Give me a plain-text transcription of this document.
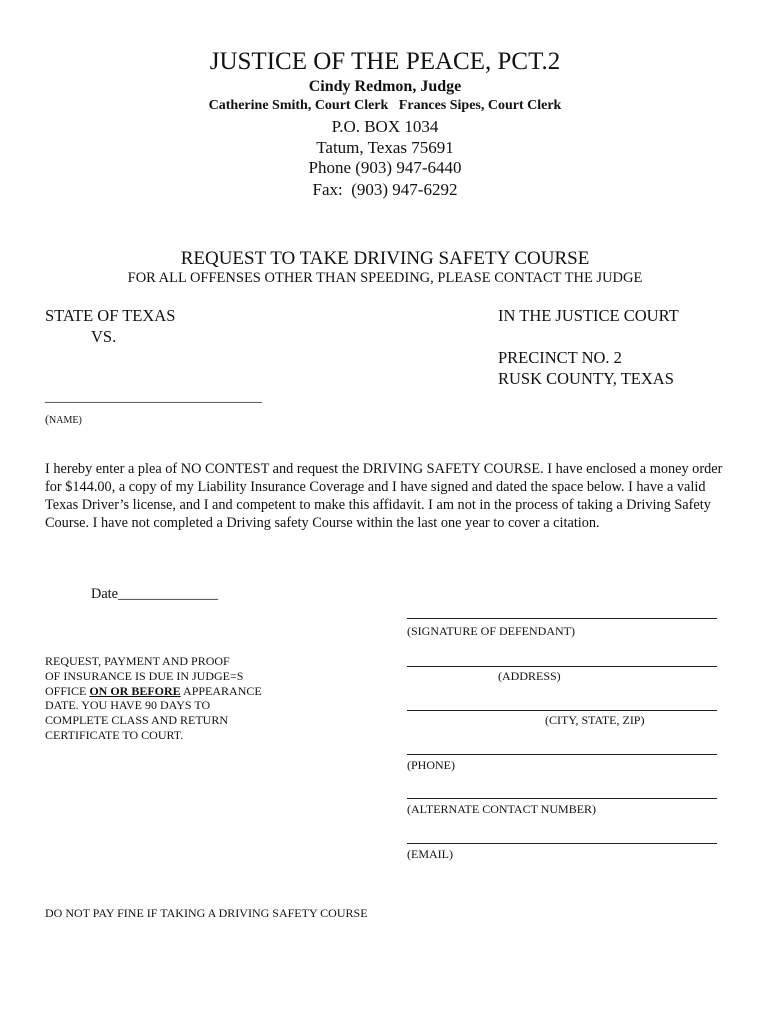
JUSTICE OF THE PEACE, PCT.2
Cindy Redmon, Judge
Catherine Smith, Court Clerk   Frances Sipes, Court Clerk
P.O. BOX 1034
Tatum, Texas 75691
Phone (903) 947-6440
Fax:  (903) 947-6292
REQUEST TO TAKE DRIVING SAFETY COURSE
FOR ALL OFFENSES OTHER THAN SPEEDING, PLEASE CONTACT THE JUDGE
STATE OF TEXAS
VS.
IN THE JUSTICE COURT
PRECINCT NO. 2
RUSK COUNTY, TEXAS
_______________________________
(NAME)
I hereby enter a plea of NO CONTEST and request the DRIVING SAFETY COURSE. I have enclosed a money order for $144.00, a copy of my Liability Insurance Coverage and I have signed and dated the space below. I have a valid Texas Driver’s license, and I and competent to make this affidavit. I am not in the process of taking a Driving Safety Course. I have not completed a Driving safety Course within the last one year to cover a citation.
Date______________
REQUEST, PAYMENT AND PROOF
OF INSURANCE IS DUE IN JUDGE=S
OFFICE ON OR BEFORE APPEARANCE
DATE. YOU HAVE 90 DAYS TO
COMPLETE CLASS AND RETURN
CERTIFICATE TO COURT.
(SIGNATURE OF DEFENDANT)
(ADDRESS)
(CITY, STATE, ZIP)
(PHONE)
(ALTERNATE CONTACT NUMBER)
(EMAIL)
DO NOT PAY FINE IF TAKING A DRIVING SAFETY COURSE
